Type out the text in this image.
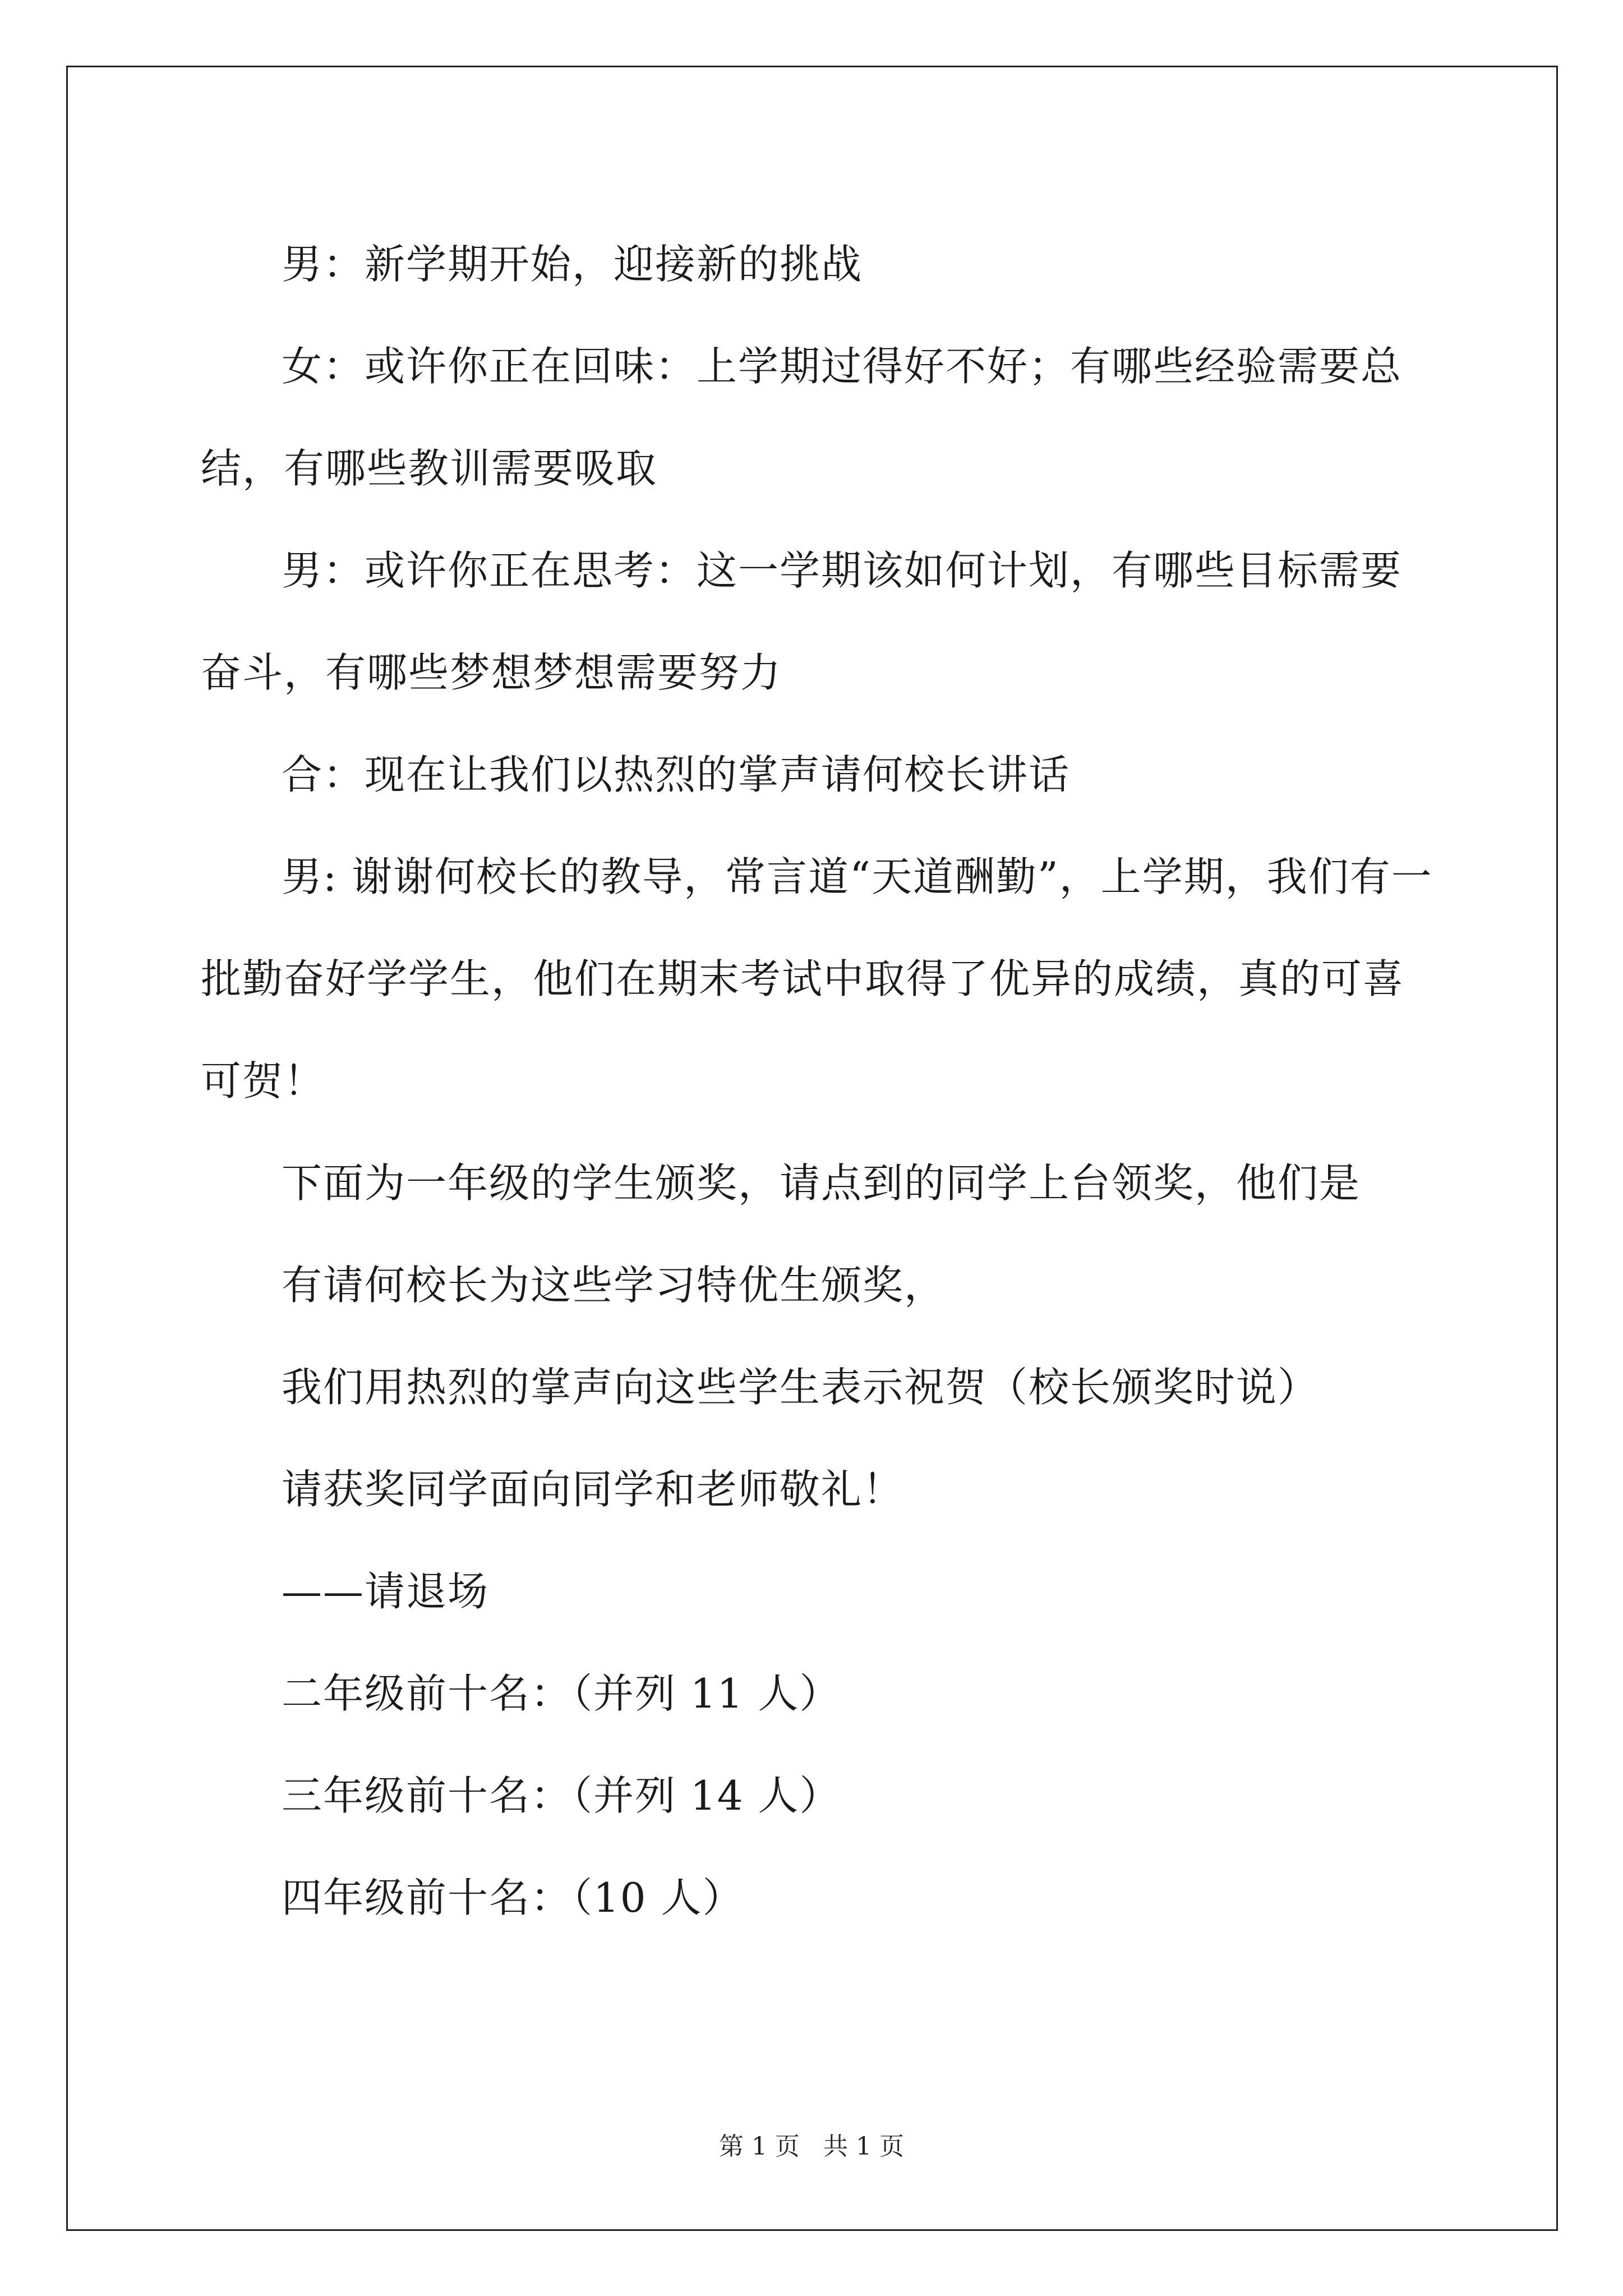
男：新学期开始，迎接新的挑战

女：或许你正在回味：上学期过得好不好；有哪些经验需要总结，有哪些教训需要吸取

男：或许你正在思考：这一学期该如何计划，有哪些目标需要奋斗，有哪些梦想梦想需要努力

合：现在让我们以热烈的掌声请何校长讲话

男: 谢谢何校长的教导，常言道“天道酬勤”，上学期，我们有一批勤奋好学学生，他们在期末考试中取得了优异的成绩，真的可喜可贺！

下面为一年级的学生颁奖，请点到的同学上台领奖，他们是

有请何校长为这些学习特优生颁奖，

我们用热烈的掌声向这些学生表示祝贺（校长颁奖时说）

请获奖同学面向同学和老师敬礼！

——请退场

二年级前十名：（并列 11 人）

三年级前十名：（并列 14 人）

四年级前十名：（10 人）

第 1 页 共 1 页
